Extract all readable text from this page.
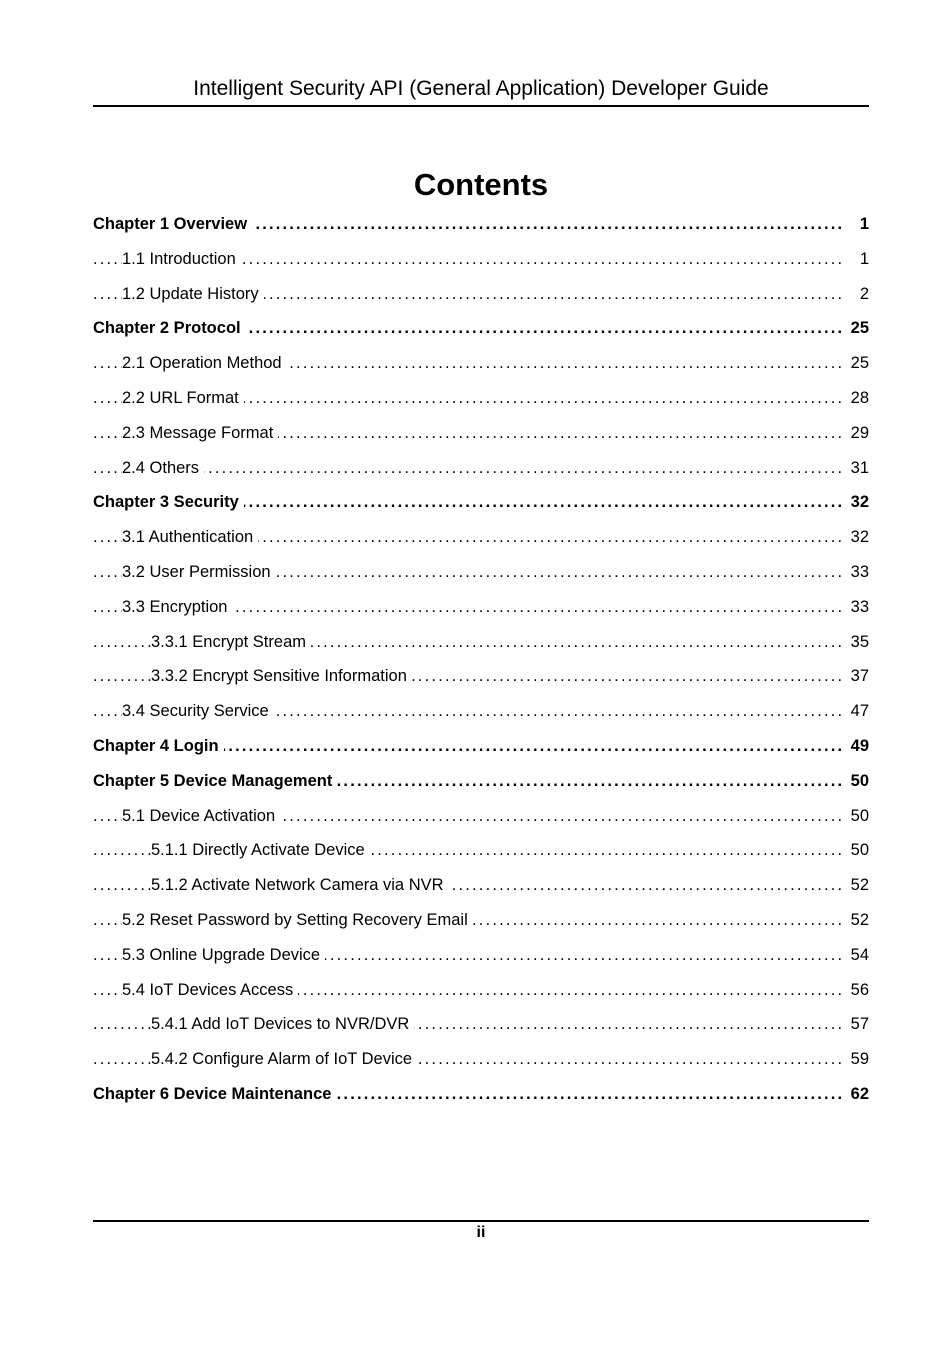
Intelligent Security API (General Application) Developer Guide
Contents
Chapter 1 Overview	1
. . .
1.1 Introduction	1
. . .
1.2 Update History	2
. . .
Chapter 2 Protocol	25
. . .
2.1 Operation Method	25
. . .
2.2 URL Format	28
. . .
2.3 Message Format	29
. . .
2.4 Others	31
. . .
Chapter 3 Security	32
. . .
3.1 Authentication	32
. . .
3.2 User Permission	33
. . .
3.3 Encryption	33
. . .
3.3.1 Encrypt Stream	35
. . .
3.3.2 Encrypt Sensitive Information	37
. . .
3.4 Security Service	47
. . .
Chapter 4 Login	49
. . .
Chapter 5 Device Management	50
. . .
5.1 Device Activation	50
. . .
5.1.1 Directly Activate Device	50
. . .
5.1.2 Activate Network Camera via NVR	52
. . .
5.2 Reset Password by Setting Recovery Email	52
. . .
5.3 Online Upgrade Device	54
. . .
5.4 IoT Devices Access	56
. . .
5.4.1 Add IoT Devices to NVR/DVR	57
. . .
5.4.2 Configure Alarm of IoT Device	59
. . .
Chapter 6 Device Maintenance	62
. . .
ii
